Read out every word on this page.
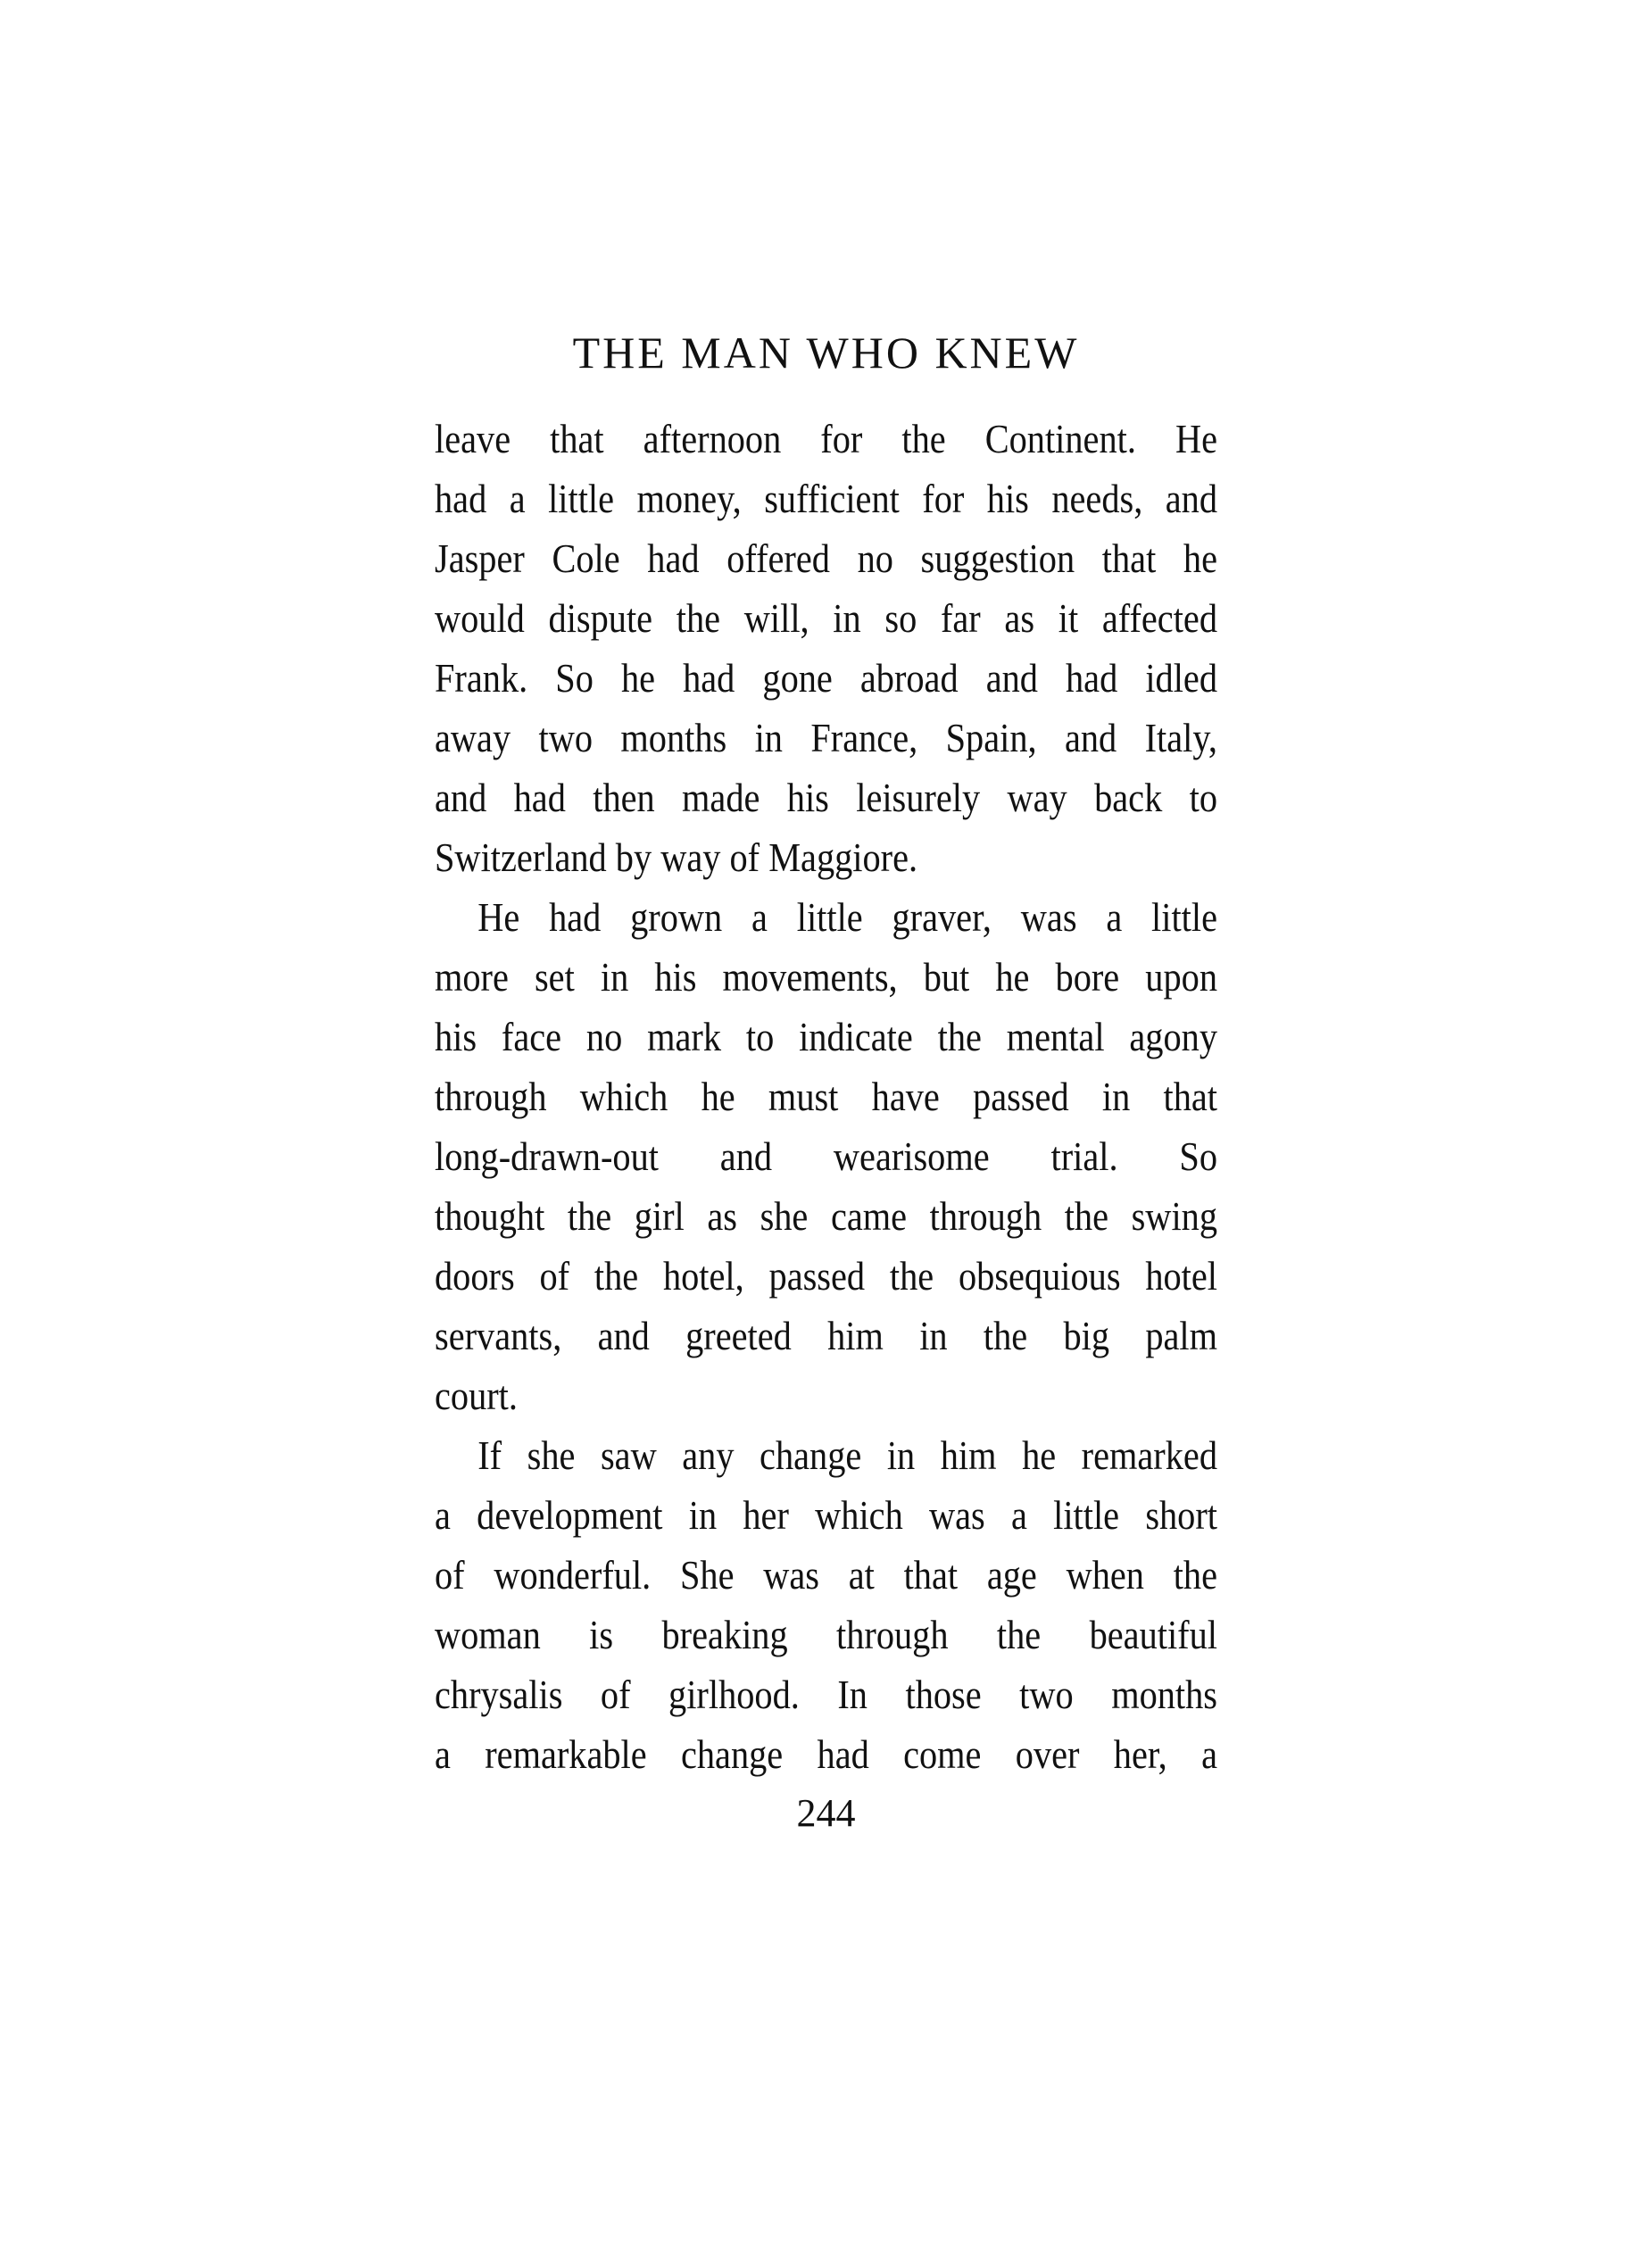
THE MAN WHO KNEW
leave that afternoon for the Continent. He
had a little money, sufficient for his needs, and
Jasper Cole had offered no suggestion that he
would dispute the will, in so far as it affected
Frank. So he had gone abroad and had idled
away two months in France, Spain, and Italy,
and had then made his leisurely way back to
Switzerland by way of Maggiore.
He had grown a little graver, was a little
more set in his movements, but he bore upon
his face no mark to indicate the mental agony
through which he must have passed in that
long-drawn-out and wearisome trial. So
thought the girl as she came through the swing
doors of the hotel, passed the obsequious hotel
servants, and greeted him in the big palm
court.
If she saw any change in him he remarked
a development in her which was a little short
of wonderful. She was at that age when the
woman is breaking through the beautiful
chrysalis of girlhood. In those two months
a remarkable change had come over her, a
244
